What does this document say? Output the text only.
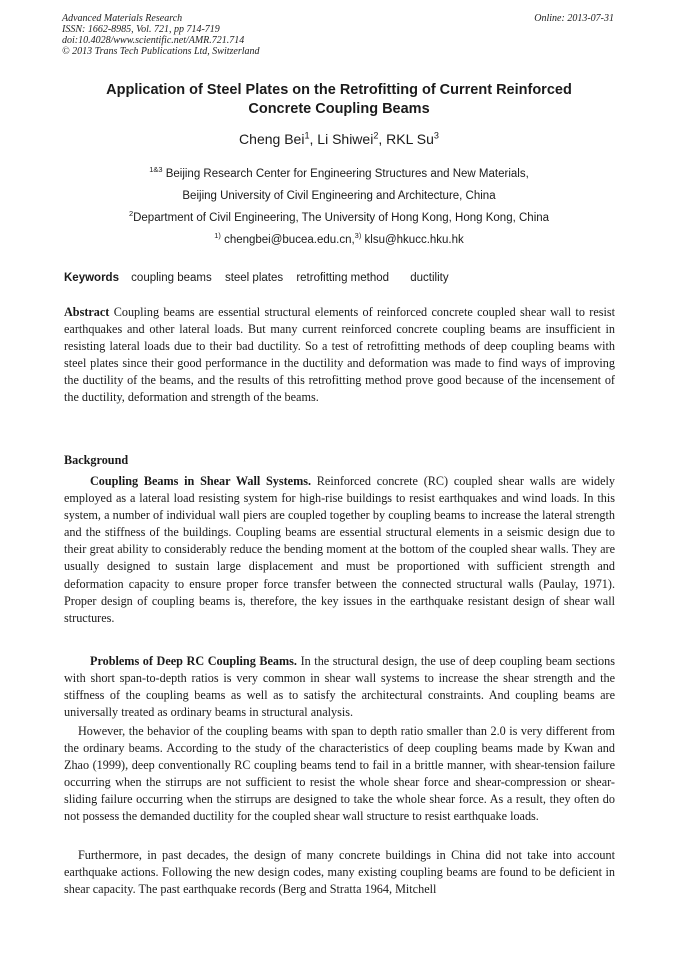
Advanced Materials Research
ISSN: 1662-8985, Vol. 721, pp 714-719
doi:10.4028/www.scientific.net/AMR.721.714
© 2013 Trans Tech Publications Ltd, Switzerland
Online: 2013-07-31
Application of Steel Plates on the Retrofitting of Current Reinforced
Concrete Coupling Beams
Cheng Bei$^1$, Li Shiwei$^2$, RKL Su$^3$
$^{1\&3}$ Beijing Research Center for Engineering Structures and New Materials,
Beijing University of Civil Engineering and Architecture, China
$^2$Department of Civil Engineering, The University of Hong Kong, Hong Kong, China
$^{1)}$ chengbei@bucea.edu.cn,$^{3)}$ klsu@hkucc.hku.hk
Keywords coupling beams steel plates retrofitting method ductility
Abstract Coupling beams are essential structural elements of reinforced concrete coupled shear wall to resist earthquakes and other lateral loads. But many current reinforced concrete coupling beams are insufficient in resisting lateral loads due to their bad ductility. So a test of retrofitting methods of deep coupling beams with steel plates since their good performance in the ductility and deformation was made to find ways of improving the ductility of the beams, and the results of this retrofitting method prove good because of the incensement of the ductility, deformation and strength of the beams.
Background
Coupling Beams in Shear Wall Systems. Reinforced concrete (RC) coupled shear walls are widely employed as a lateral load resisting system for high-rise buildings to resist earthquakes and wind loads. In this system, a number of individual wall piers are coupled together by coupling beams to increase the lateral strength and the stiffness of the buildings. Coupling beams are essential structural elements in a seismic design due to their great ability to considerably reduce the bending moment at the bottom of the coupled shear walls. They are usually designed to sustain large displacement and must be proportioned with sufficient strength and deformation capacity to ensure proper force transfer between the connected structural walls (Paulay, 1971). Proper design of coupling beams is, therefore, the key issues in the earthquake resistant design of shear wall structures.
Problems of Deep RC Coupling Beams. In the structural design, the use of deep coupling beam sections with short span-to-depth ratios is very common in shear wall systems to increase the shear strength and the stiffness of the coupling beams as well as to satisfy the architectural constraints. And coupling beams are universally treated as ordinary beams in structural analysis.
However, the behavior of the coupling beams with span to depth ratio smaller than 2.0 is very different from the ordinary beams. According to the study of the characteristics of deep coupling beams made by Kwan and Zhao (1999), deep conventionally RC coupling beams tend to fail in a brittle manner, with shear-tension failure occurring when the stirrups are not sufficient to resist the whole shear force and shear-compression or shear-sliding failure occurring when the stirrups are designed to take the whole shear force. As a result, they often do not possess the demanded ductility for the coupled shear wall structure to resist earthquake loads.
Furthermore, in past decades, the design of many concrete buildings in China did not take into account earthquake actions. Following the new design codes, many existing coupling beams are found to be deficient in shear capacity. The past earthquake records (Berg and Stratta 1964, Mitchell
